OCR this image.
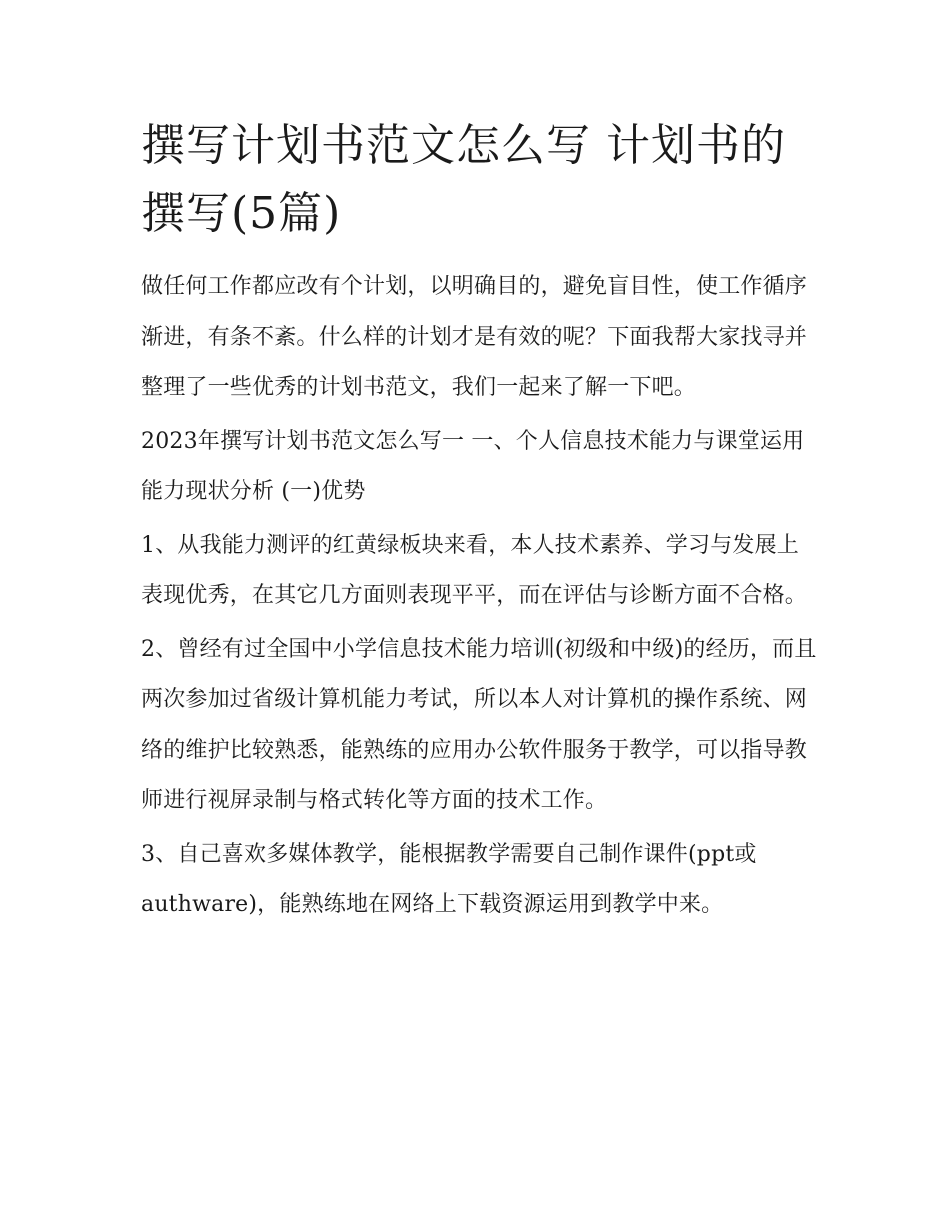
撰写计划书范文怎么写 计划书的撰写(5篇)

做任何工作都应改有个计划，以明确目的，避免盲目性，使工作循序渐进，有条不紊。什么样的计划才是有效的呢？下面我帮大家找寻并整理了一些优秀的计划书范文，我们一起来了解一下吧。

2023年撰写计划书范文怎么写一 一、个人信息技术能力与课堂运用能力现状分析 (一)优势

1、从我能力测评的红黄绿板块来看，本人技术素养、学习与发展上表现优秀，在其它几方面则表现平平，而在评估与诊断方面不合格。

2、曾经有过全国中小学信息技术能力培训(初级和中级)的经历，而且两次参加过省级计算机能力考试，所以本人对计算机的操作系统、网络的维护比较熟悉，能熟练的应用办公软件服务于教学，可以指导教师进行视屏录制与格式转化等方面的技术工作。

3、自己喜欢多媒体教学，能根据教学需要自己制作课件(ppt或authware)，能熟练地在网络上下载资源运用到教学中来。
